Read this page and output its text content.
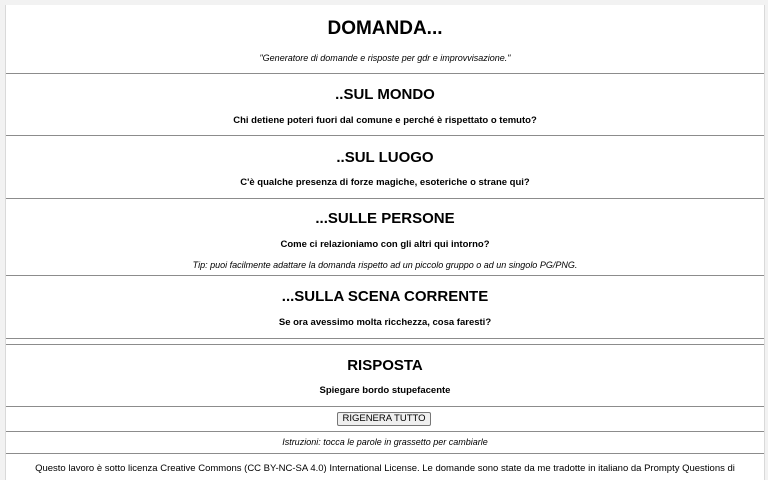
DOMANDA...
"Generatore di domande e risposte per gdr e improvvisazione."
..SUL MONDO
Chi detiene poteri fuori dal comune e perché è rispettato o temuto?
..SUL LUOGO
C'è qualche presenza di forze magiche, esoteriche o strane qui?
...SULLE PERSONE
Come ci relazioniamo con gli altri qui intorno?
Tip: puoi facilmente adattare la domanda rispetto ad un piccolo gruppo o ad un singolo PG/PNG.
...SULLA SCENA CORRENTE
Se ora avessimo molta ricchezza, cosa faresti?
RISPOSTA
Spiegare bordo stupefacente
RIGENERA TUTTO
Istruzioni: tocca le parole in grassetto per cambiarle
Questo lavoro è sotto licenza Creative Commons (CC BY-NC-SA 4.0) International License. Le domande sono state da me tradotte in italiano da Prompty Questions di
